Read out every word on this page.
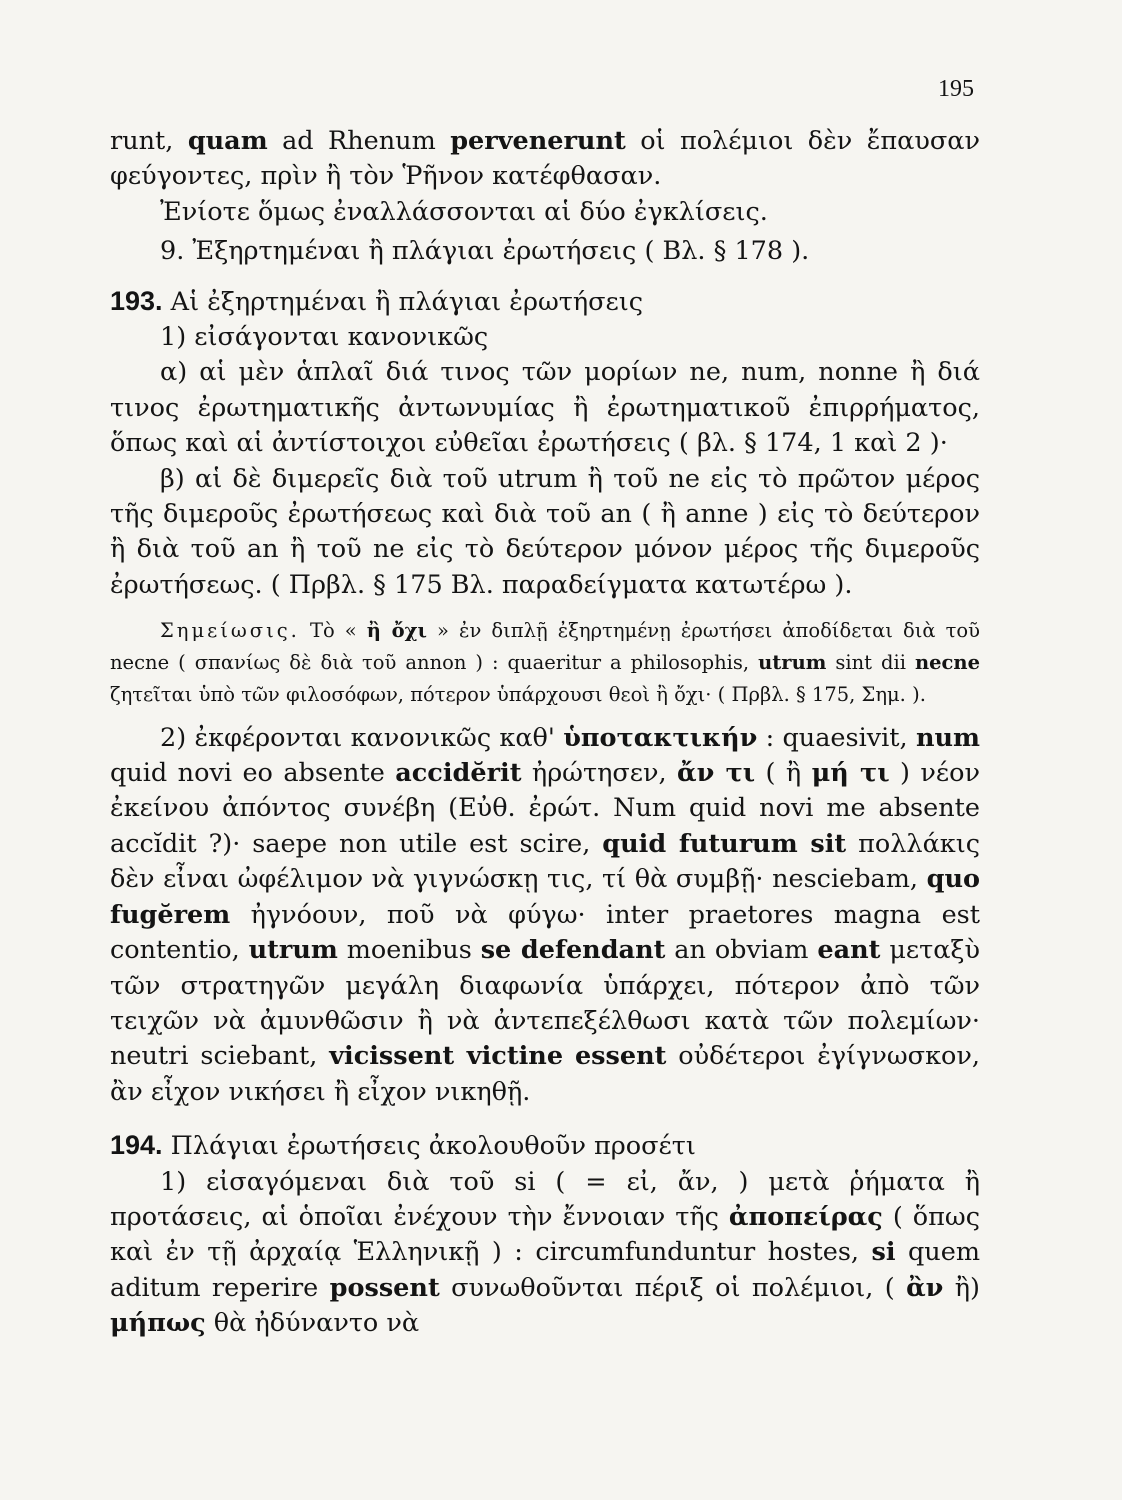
195

runt, quam ad Rhenum pervenerunt οἱ πολέμιοι δὲν ἔπαυσαν φεύγοντες, πρὶν ἢ τὸν Ῥῆνον κατέφθασαν.

Ἐνίοτε ὅμως ἐναλλάσσονται αἱ δύο ἐγκλίσεις.

9. Ἐξηρτημέναι ἢ πλάγιαι ἐρωτήσεις ( Βλ. § 178 ).

193. Αἱ ἐξηρτημέναι ἢ πλάγιαι ἐρωτήσεις

1) εἰσάγονται κανονικῶς

α) αἱ μὲν ἁπλαῖ διά τινος τῶν μορίων ne, num, nonne ἢ διά τινος ἐρωτηματικῆς ἀντωνυμίας ἢ ἐρωτηματικοῦ ἐπιρρήματος, ὅπως καὶ αἱ ἀντίστοιχοι εὐθεῖαι ἐρωτήσεις ( βλ. § 174, 1 καὶ 2 )·

β) αἱ δὲ διμερεῖς διὰ τοῦ utrum ἢ τοῦ ne εἰς τὸ πρῶτον μέρος τῆς διμεροῦς ἐρωτήσεως καὶ διὰ τοῦ an ( ἢ anne ) εἰς τὸ δεύτερον ἢ διὰ τοῦ an ἢ τοῦ ne εἰς τὸ δεύτερον μόνον μέρος τῆς διμεροῦς ἐρωτήσεως. ( Πρβλ. § 175 Βλ. παραδείγματα κατωτέρω ).

Σημείωσις. Τὸ « ἢ ὄχι » ἐν διπλῇ ἐξηρτημένῃ ἐρωτήσει ἀποδίδεται διὰ τοῦ necne ( σπανίως δὲ διὰ τοῦ annon ) : quaeritur a philosophis, utrum sint dii necne ζητεῖται ὑπὸ τῶν φιλοσόφων, πότερον ὑπάρχουσι θεοὶ ἢ ὄχι· ( Πρβλ. § 175, Σημ. ).

2) ἐκφέρονται κανονικῶς καθ' ὑποτακτικήν : quaesivit, num quid novi eo absente accidĕrit ἠρώτησεν, ἄν τι ( ἢ μή τι ) νέον ἐκείνου ἀπόντος συνέβη (Εὐθ. ἐρώτ. Num quid novi me absente accĭdit ?)· saepe non utile est scire, quid futurum sit πολλάκις δὲν εἶναι ὠφέλιμον νὰ γιγνώσκῃ τις, τί θὰ συμβῇ· nesciebam, quo fugĕrem ἠγνόουν, ποῦ νὰ φύγω· inter praetores magna est contentio, utrum moenibus se defendant an obviam eant μεταξὺ τῶν στρατηγῶν μεγάλη διαφωνία ὑπάρχει, πότερον ἀπὸ τῶν τειχῶν νὰ ἀμυνθῶσιν ἢ νὰ ἀντεπεξέλθωσι κατὰ τῶν πολεμίων· neutri sciebant, vicissent victine essent οὐδέτεροι ἐγίγνωσκον, ἂν εἶχον νικήσει ἢ εἶχον νικηθῇ.

194. Πλάγιαι ἐρωτήσεις ἀκολουθοῦν προσέτι

1) εἰσαγόμεναι διὰ τοῦ si ( = εἰ, ἄν, ) μετὰ ῥήματα ἢ προτάσεις, αἱ ὁποῖαι ἐνέχουν τὴν ἔννοιαν τῆς ἀποπείρας ( ὅπως καὶ ἐν τῇ ἀρχαίᾳ Ἑλληνικῇ ) : circumfunduntur hostes, si quem aditum reperire possent συνωθοῦνται πέριξ οἱ πολέμιοι, ( ἂν ἢ) μήπως θὰ ἠδύναντο νὰ
